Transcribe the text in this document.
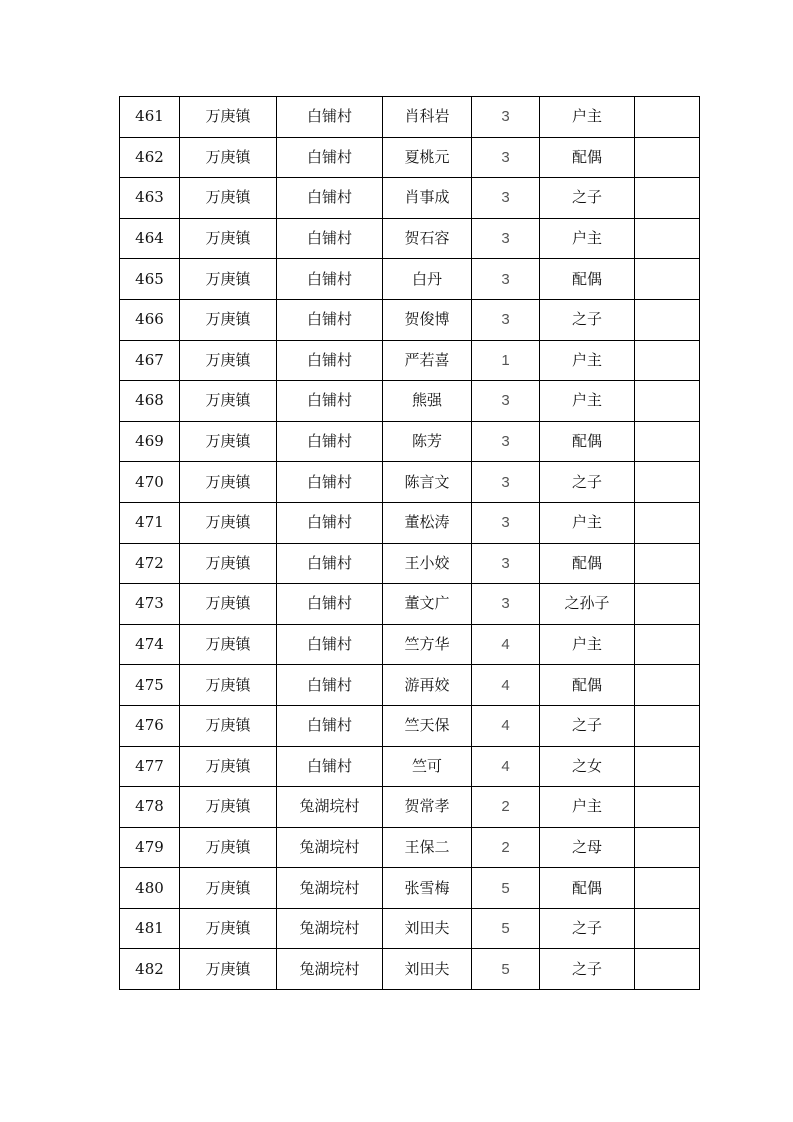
461	万庚镇	白铺村	肖科岩	3	户主	
462	万庚镇	白铺村	夏桃元	3	配偶	
463	万庚镇	白铺村	肖事成	3	之子	
464	万庚镇	白铺村	贺石容	3	户主	
465	万庚镇	白铺村	白丹	3	配偶	
466	万庚镇	白铺村	贺俊博	3	之子	
467	万庚镇	白铺村	严若喜	1	户主	
468	万庚镇	白铺村	熊强	3	户主	
469	万庚镇	白铺村	陈芳	3	配偶	
470	万庚镇	白铺村	陈言文	3	之子	
471	万庚镇	白铺村	董松涛	3	户主	
472	万庚镇	白铺村	王小姣	3	配偶	
473	万庚镇	白铺村	董文广	3	之孙子	
474	万庚镇	白铺村	竺方华	4	户主	
475	万庚镇	白铺村	游再姣	4	配偶	
476	万庚镇	白铺村	竺天保	4	之子	
477	万庚镇	白铺村	竺可	4	之女	
478	万庚镇	兔湖垸村	贺常孝	2	户主	
479	万庚镇	兔湖垸村	王保二	2	之母	
480	万庚镇	兔湖垸村	张雪梅	5	配偶	
481	万庚镇	兔湖垸村	刘田夫	5	之子	
482	万庚镇	兔湖垸村	刘田夫	5	之子	
